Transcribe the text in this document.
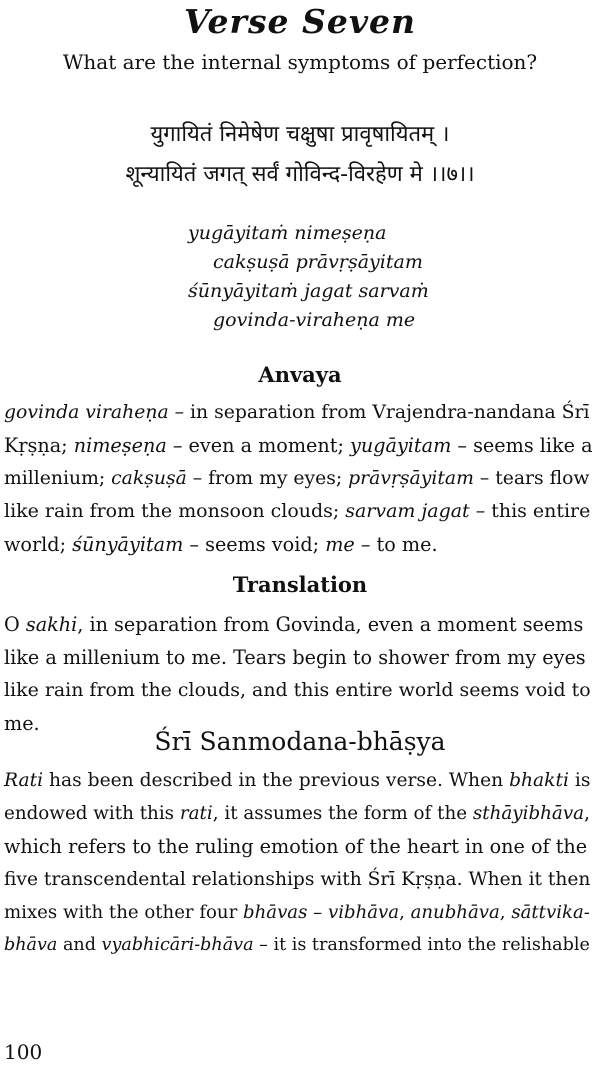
Verse Seven
What are the internal symptoms of perfection?
युगायितं निमेषेण चक्षुषा प्रावृषायितम् ।
शून्यायितं जगत् सर्वं गोविन्द-विरहेण मे ।।७।।
yugāyitaṁ nimeṣeṇa
cakṣuṣā prāvṛṣāyitam
śūnyāyitaṁ jagat sarvaṁ
govinda-viraheṇa me
Anvaya
govinda viraheṇa – in separation from Vrajendra-nandana Śrī
Kṛṣṇa; nimeṣeṇa – even a moment; yugāyitam – seems like a
millenium; cakṣuṣā – from my eyes; prāvṛṣāyitam – tears flow
like rain from the monsoon clouds; sarvam jagat – this entire
world; śūnyāyitam – seems void; me – to me.
Translation
O sakhi, in separation from Govinda, even a moment seems
like a millenium to me. Tears begin to shower from my eyes
like rain from the clouds, and this entire world seems void to
me.
Śrī Sanmodana-bhāṣya
Rati has been described in the previous verse. When bhakti is
endowed with this rati, it assumes the form of the sthāyibhāva,
which refers to the ruling emotion of the heart in one of the
five transcendental relationships with Śrī Kṛṣṇa. When it then
mixes with the other four bhāvas – vibhāva, anubhāva, sāttvika-
bhāva and vyabhicāri-bhāva – it is transformed into the relishable
100
